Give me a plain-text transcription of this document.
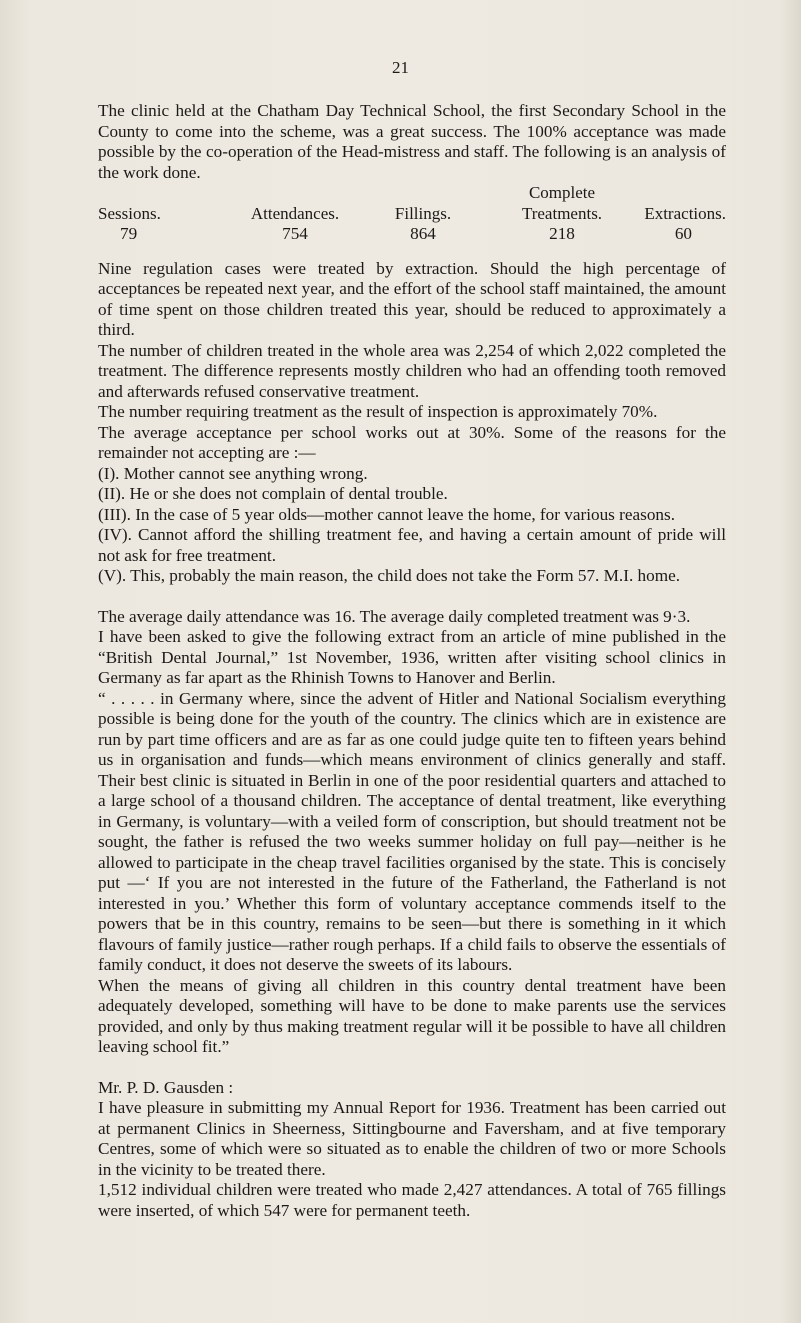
21

The clinic held at the Chatham Day Technical School, the first Secondary School in the County to come into the scheme, was a great success. The 100% acceptance was made possible by the co-operation of the Head-mistress and staff. The following is an analysis of the work done.

Complete
Sessions.	Attendances.	Fillings.	Treatments.	Extractions.
79	754	864	218	60

Nine regulation cases were treated by extraction. Should the high percentage of acceptances be repeated next year, and the effort of the school staff maintained, the amount of time spent on those children treated this year, should be reduced to approximately a third.

The number of children treated in the whole area was 2,254 of which 2,022 completed the treatment. The difference represents mostly children who had an offending tooth removed and afterwards refused conservative treatment.

The number requiring treatment as the result of inspection is approximately 70%.

The average acceptance per school works out at 30%. Some of the reasons for the remainder not accepting are :—

(I). Mother cannot see anything wrong.

(II). He or she does not complain of dental trouble.

(III). In the case of 5 year olds—mother cannot leave the home, for various reasons.

(IV). Cannot afford the shilling treatment fee, and having a certain amount of pride will not ask for free treatment.

(V). This, probably the main reason, the child does not take the Form 57. M.I. home.

The average daily attendance was 16. The average daily completed treatment was 9·3.

I have been asked to give the following extract from an article of mine published in the “British Dental Journal,” 1st November, 1936, written after visiting school clinics in Germany as far apart as the Rhinish Towns to Hanover and Berlin.

“ . . . . . in Germany where, since the advent of Hitler and National Socialism everything possible is being done for the youth of the country. The clinics which are in existence are run by part time officers and are as far as one could judge quite ten to fifteen years behind us in organisation and funds—which means environment of clinics generally and staff. Their best clinic is situated in Berlin in one of the poor residential quarters and attached to a large school of a thousand children. The acceptance of dental treatment, like everything in Germany, is voluntary—with a veiled form of conscription, but should treatment not be sought, the father is refused the two weeks summer holiday on full pay—neither is he allowed to participate in the cheap travel facilities organised by the state. This is concisely put —‘ If you are not interested in the future of the Fatherland, the Fatherland is not interested in you.’ Whether this form of voluntary acceptance commends itself to the powers that be in this country, remains to be seen—but there is something in it which flavours of family justice—rather rough perhaps. If a child fails to observe the essentials of family conduct, it does not deserve the sweets of its labours.

When the means of giving all children in this country dental treatment have been adequately developed, something will have to be done to make parents use the services provided, and only by thus making treatment regular will it be possible to have all children leaving school fit.”

Mr. P. D. Gausden :

I have pleasure in submitting my Annual Report for 1936. Treatment has been carried out at permanent Clinics in Sheerness, Sittingbourne and Faversham, and at five temporary Centres, some of which were so situated as to enable the children of two or more Schools in the vicinity to be treated there.

1,512 individual children were treated who made 2,427 attendances. A total of 765 fillings were inserted, of which 547 were for permanent teeth.
